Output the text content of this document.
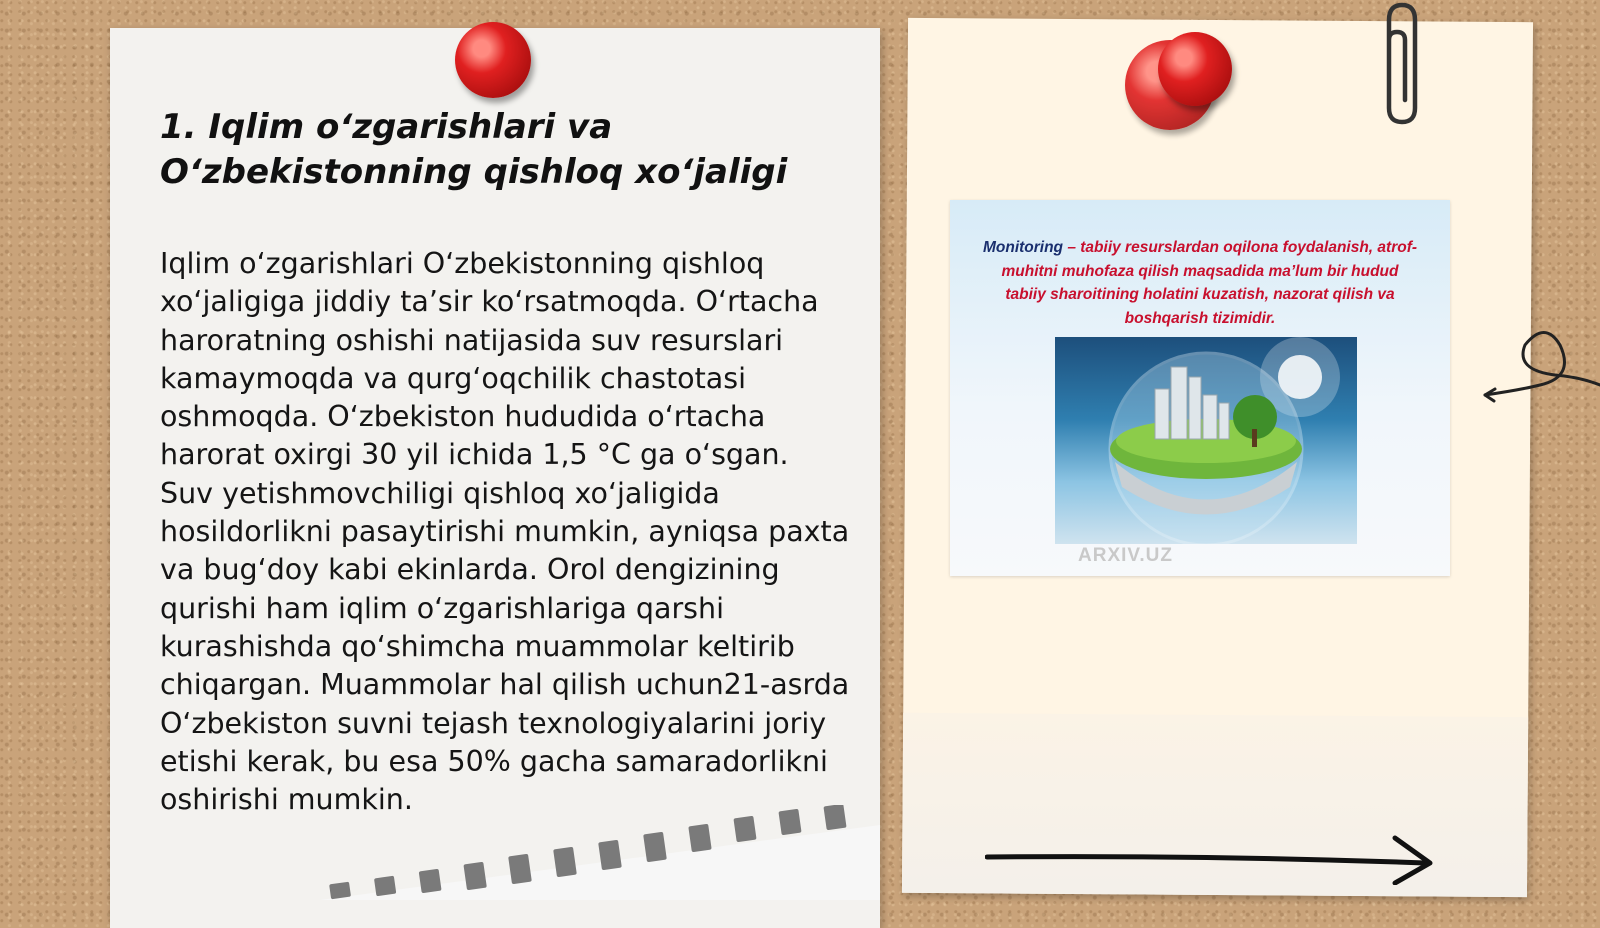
1. Iqlim o‘zgarishlari va O‘zbekistonning qishloq xo‘jaligi

Iqlim o‘zgarishlari O‘zbekistonning qishloq xo‘jaligiga jiddiy ta’sir ko‘rsatmoqda. O‘rtacha haroratning oshishi natijasida suv resurslari kamaymoqda va qurg‘oqchilik chastotasi oshmoqda. O‘zbekiston hududida o‘rtacha harorat oxirgi 30 yil ichida 1,5 °C ga o‘sgan. Suv yetishmovchiligi qishloq xo‘jaligida hosildorlikni pasaytirishi mumkin, ayniqsa paxta va bug‘doy kabi ekinlarda. Orol dengizining qurishi ham iqlim o‘zgarishlariga qarshi kurashishda qo‘shimcha muammolar keltirib chiqargan. Muammolar hal qilish uchun21-asrda O‘zbekiston suvni tejash texnologiyalarini joriy etishi kerak, bu esa 50% gacha samaradorlikni oshirishi mumkin.

Monitoring – tabiiy resurslardan oqilona foydalanish, atrof-muhitni muhofaza qilish maqsadida ma’lum bir hudud tabiiy sharoitining holatini kuzatish, nazorat qilish va boshqarish tizimidir.
ARXIV.UZ
